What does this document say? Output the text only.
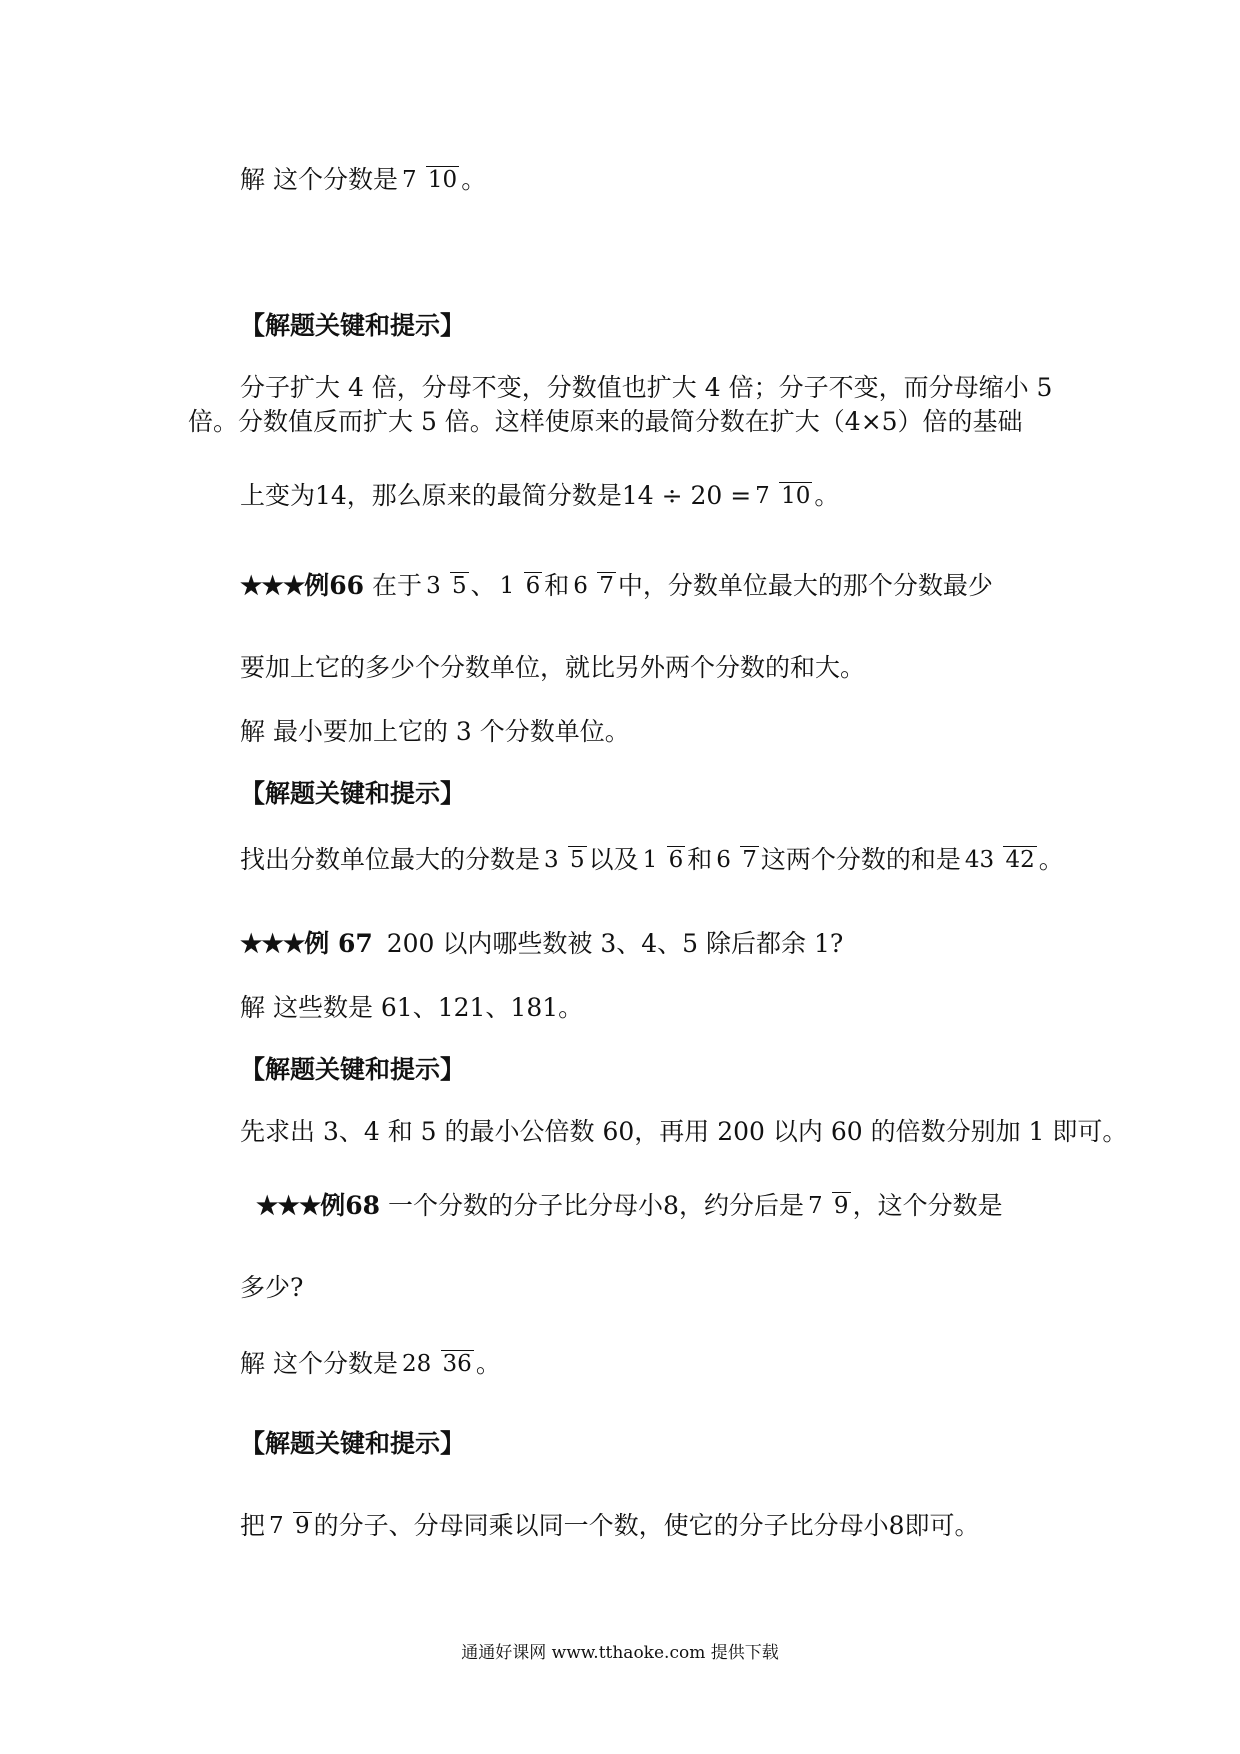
解 这个分数是 7 10 。
【解题关键和提示】
分子扩大 4 倍，分母不变，分数值也扩大 4 倍；分子不变，而分母缩小 5
倍。分数值反而扩大 5 倍。这样使原来的最简分数在扩大（4×5）倍的基础
上变为14，那么原来的最简分数是14 ÷ 20 = 7 10 。
★★★ 例66 在于 3 5 、 1 6 和 6 7 中，分数单位最大的那个分数最少
要加上它的多少个分数单位，就比另外两个分数的和大。
解 最小要加上它的 3 个分数单位。
【解题关键和提示】
找出分数单位最大的分数是 3 5 以及 1 6 和 6 7 这两个分数的和是 43 42 。
★★★ 例 67 200 以内哪些数被 3、4、5 除后都余 1?
解 这些数是 61、121、181。
【解题关键和提示】
先求出 3、4 和 5 的最小公倍数 60，再用 200 以内 60 的倍数分别加 1 即可。
★★★ 例68 一个分数的分子比分母小8，约分后是 7 9 ，这个分数是
多少?
解 这个分数是 28 36 。
【解题关键和提示】
把 7 9 的分子、分母同乘以同一个数，使它的分子比分母小8即可。
通通好课网 www.tthaoke.com 提供下载
